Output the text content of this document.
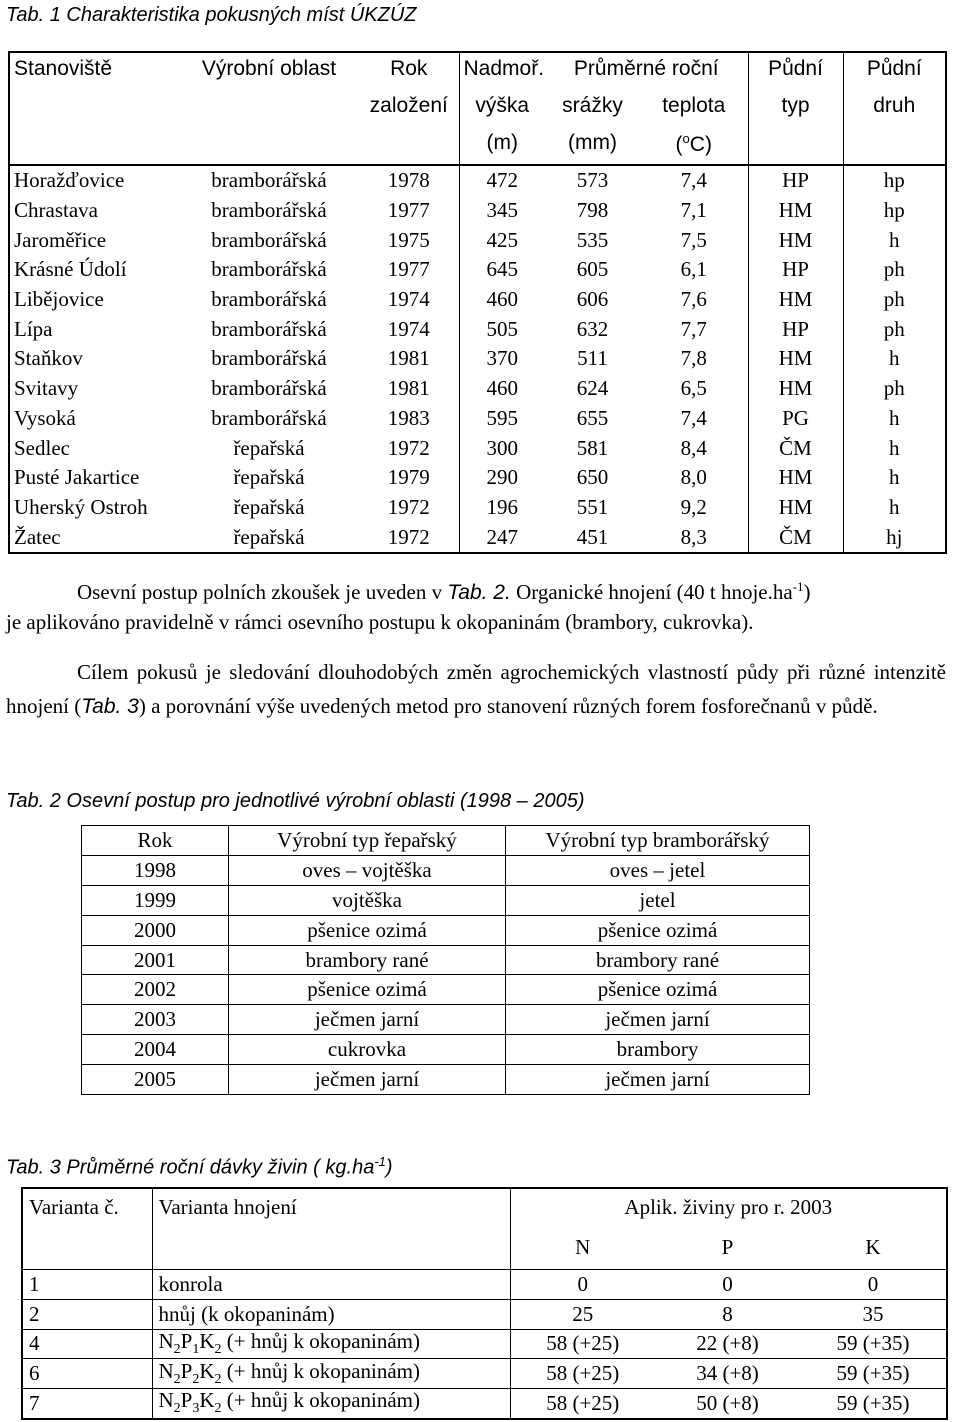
Tab. 1 Charakteristika pokusných míst ÚKZÚZ
Stanoviště	Výrobní oblast	Rok	Nadmoř.	Průměrné roční		Půdní	Půdní
		založení	výška	srážky	teplota	typ	druh
			(m)	(mm)	($^o$C)		
Horažďovice	bramborářská	1978	472	573	7,4	HP	hp
Chrastava	bramborářská	1977	345	798	7,1	HM	hp
Jaroměřice	bramborářská	1975	425	535	7,5	HM	h
Krásné Údolí	bramborářská	1977	645	605	6,1	HP	ph
Libějovice	bramborářská	1974	460	606	7,6	HM	ph
Lípa	bramborářská	1974	505	632	7,7	HP	ph
Staňkov	bramborářská	1981	370	511	7,8	HM	h
Svitavy	bramborářská	1981	460	624	6,5	HM	ph
Vysoká	bramborářská	1983	595	655	7,4	PG	h
Sedlec	řepařská	1972	300	581	8,4	ČM	h
Pusté Jakartice	řepařská	1979	290	650	8,0	HM	h
Uherský Ostroh	řepařská	1972	196	551	9,2	HM	h
Žatec	řepařská	1972	247	451	8,3	ČM	hj
Osevní postup polních zkoušek je uveden v Tab. 2. Organické hnojení (40 t $hnoje.ha^{-1}$)
je aplikováno pravidelně v rámci osevního postupu k okopaninám (brambory, cukrovka).
Cílem pokusů je sledování dlouhodobých změn agrochemických vlastností půdy při různé intenzitě hnojení (Tab. 3) a porovnání výše uvedených metod pro stanovení různých forem fosforečnanů v půdě.
Tab. 2 Osevní postup pro jednotlivé výrobní oblasti (1998 – 2005)
Rok	Výrobní typ řepařský	Výrobní typ bramborářský
1998	oves – vojtěška	oves – jetel
1999	vojtěška	jetel
2000	pšenice ozimá	pšenice ozimá
2001	brambory rané	brambory rané
2002	pšenice ozimá	pšenice ozimá
2003	ječmen jarní	ječmen jarní
2004	cukrovka	brambory
2005	ječmen jarní	ječmen jarní
Tab. 3 Průměrné roční dávky živin ( $kg.ha^{-1}$)
Varianta č.	Varianta hnojení	Aplik. živiny pro r. 2003		
		N	P	K
1	konrola	0	0	0
2	hnůj (k okopaninám)	25	8	35
4	$N_2P_1K_2$ (+ hnůj k okopaninám)	58 (+25)	22 (+8)	59 (+35)
6	$N_2P_2K_2$ (+ hnůj k okopaninám)	58 (+25)	34 (+8)	59 (+35)
7	$N_2P_3K_2$ (+ hnůj k okopaninám)	58 (+25)	50 (+8)	59 (+35)
